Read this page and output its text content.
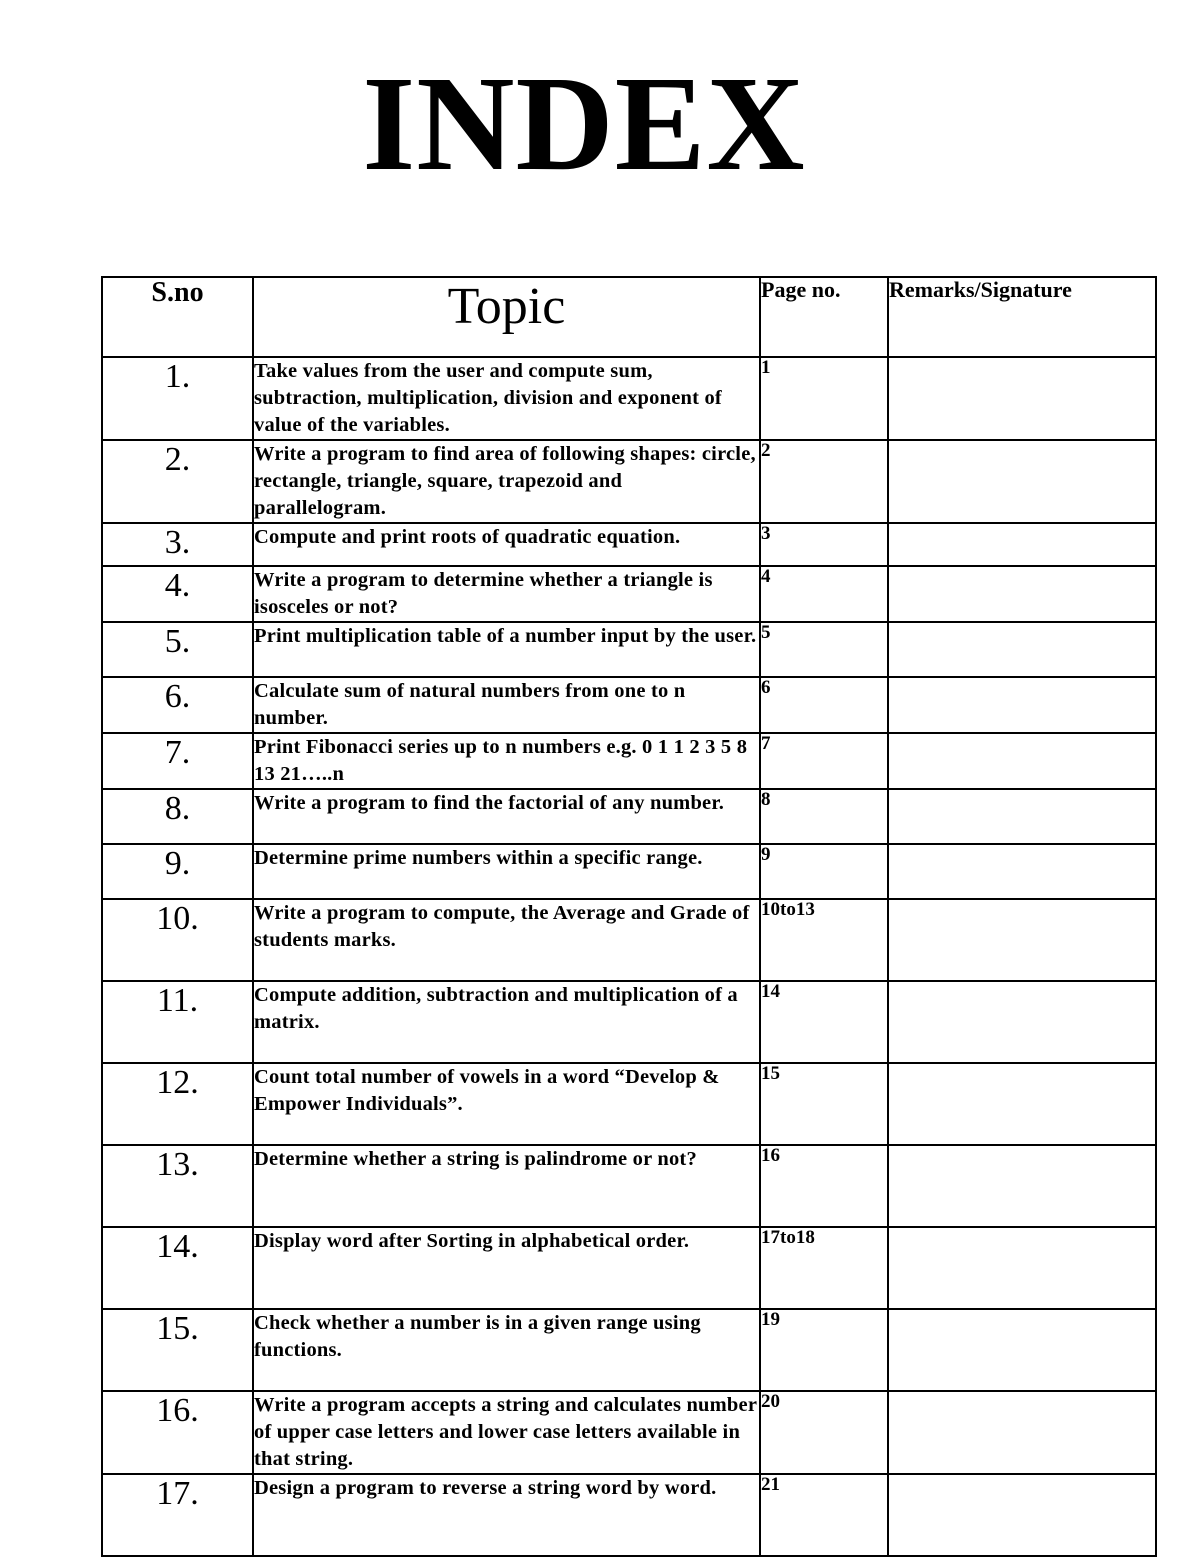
INDEX
S.no	Topic	Page no.	Remarks/Signature
1.	Take values from the user and compute sum, subtraction, multiplication, division and exponent of value of the variables.	1	
2.	Write a program to find area of following shapes: circle, rectangle, triangle, square, trapezoid and parallelogram.	2	
3.	Compute and print roots of quadratic equation.	3	
4.	Write a program to determine whether a triangle is isosceles or not?	4	
5.	Print multiplication table of a number input by the user.	5	
6.	Calculate sum of natural numbers from one to n number.	6	
7.	Print Fibonacci series up to n numbers e.g. 0 1 1 2 3 5 8 13 21…..n	7	
8.	Write a program to find the factorial of any number.	8	
9.	Determine prime numbers within a specific range.	9	
10.	Write a program to compute, the Average and Grade of students marks.	10to13	
11.	Compute addition, subtraction and multiplication of a matrix.	14	
12.	Count total number of vowels in a word “Develop & Empower Individuals”.	15	
13.	Determine whether a string is palindrome or not?	16	
14.	Display word after Sorting in alphabetical order.	17to18	
15.	Check whether a number is in a given range using functions.	19	
16.	Write a program accepts a string and calculates number of upper case letters and lower case letters available in that string.	20	
17.	Design a program to reverse a string word by word.	21	
